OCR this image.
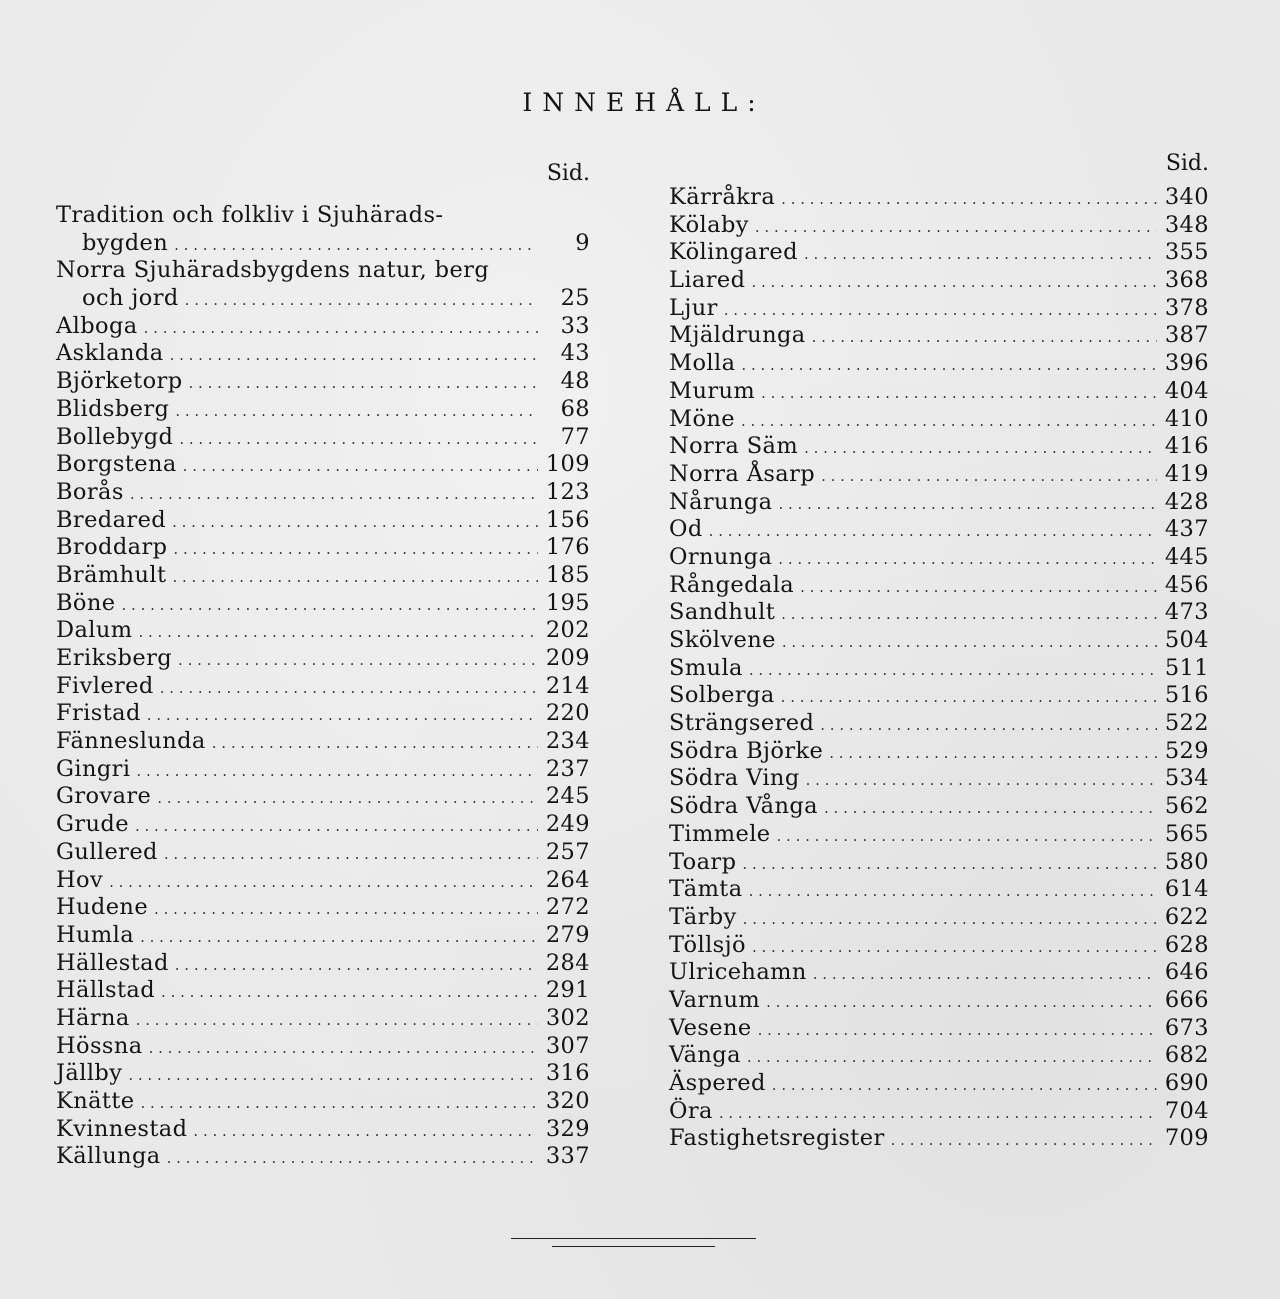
INNEHÅLL:
Sid.
Tradition och folkliv i Sjuhärads-
bygden . . .	9
Norra Sjuhäradsbygdens natur, berg
och jord . . .	25
Alboga . . .	33
Asklanda . . .	43
Björketorp . . .	48
Blidsberg . . .	68
Bollebygd . . .	77
Borgstena . . .	109
Borås . . .	123
Bredared . . .	156
Broddarp . . .	176
Brämhult . . .	185
Böne . . .	195
Dalum . . .	202
Eriksberg . . .	209
Fivlered . . .	214
Fristad . . .	220
Fänneslunda . . .	234
Gingri . . .	237
Grovare . . .	245
Grude . . .	249
Gullered . . .	257
Hov . . .	264
Hudene . . .	272
Humla . . .	279
Hällestad . . .	284
Hällstad . . .	291
Härna . . .	302
Hössna . . .	307
Jällby . . .	316
Knätte . . .	320
Kvinnestad . . .	329
Källunga . . .	337
Sid.
Kärråkra . . .	340
Kölaby . . .	348
Kölingared . . .	355
Liared . . .	368
Ljur . . .	378
Mjäldrunga . . .	387
Molla . . .	396
Murum . . .	404
Möne . . .	410
Norra Säm . . .	416
Norra Åsarp . . .	419
Nårunga . . .	428
Od . . .	437
Ornunga . . .	445
Rångedala . . .	456
Sandhult . . .	473
Skölvene . . .	504
Smula . . .	511
Solberga . . .	516
Strängsered . . .	522
Södra Björke . . .	529
Södra Ving . . .	534
Södra Vånga . . .	562
Timmele . . .	565
Toarp . . .	580
Tämta . . .	614
Tärby . . .	622
Töllsjö . . .	628
Ulricehamn . . .	646
Varnum . . .	666
Vesene . . .	673
Vänga . . .	682
Äspered . . .	690
Öra . . .	704
Fastighetsregister . . .	709
